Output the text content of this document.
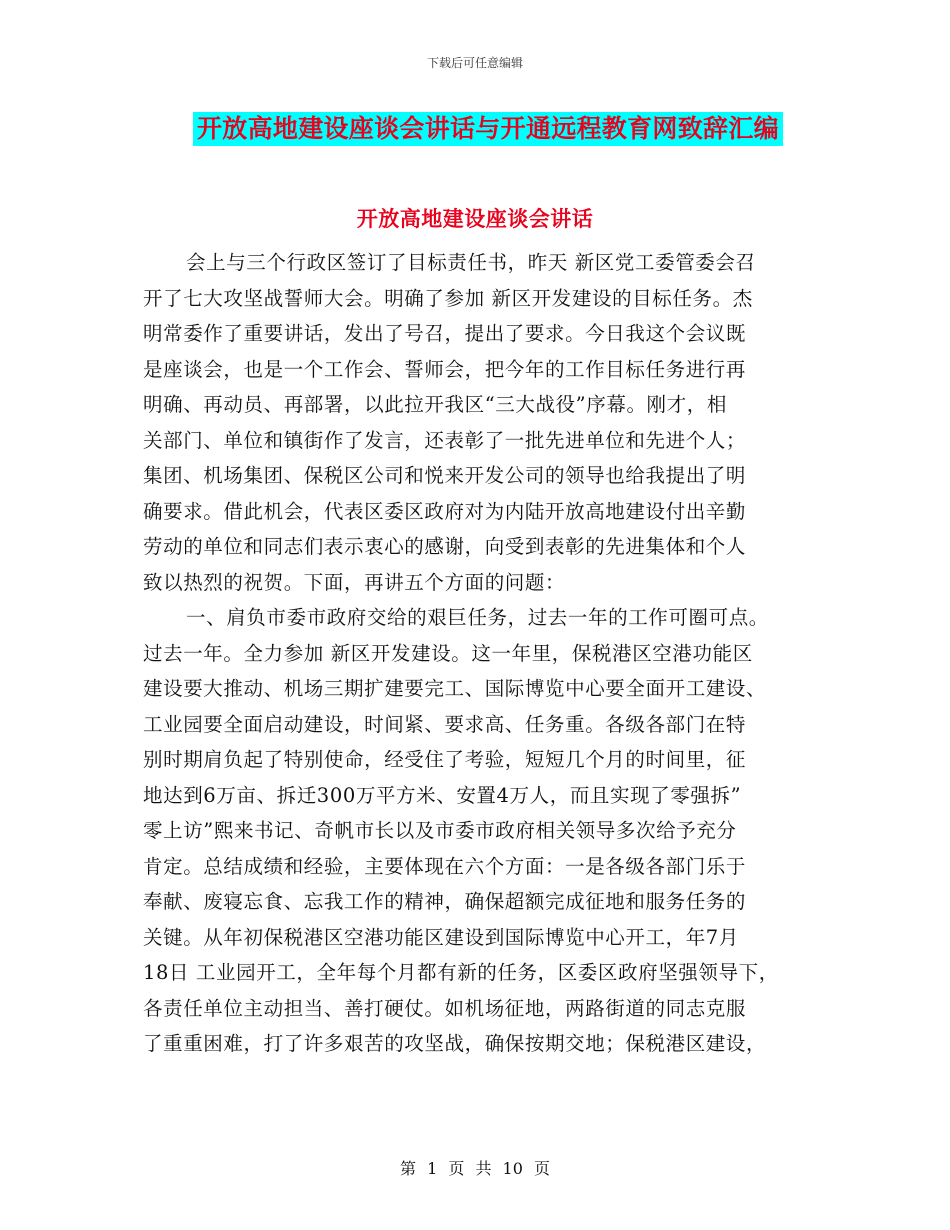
下载后可任意编辑
开放高地建设座谈会讲话与开通远程教育网致辞汇编
开放高地建设座谈会讲话
会上与三个行政区签订了目标责任书，昨天 新区党工委管委会召
开了七大攻坚战誓师大会。明确了参加 新区开发建设的目标任务。杰
明常委作了重要讲话，发出了号召，提出了要求。今日我这个会议既
是座谈会，也是一个工作会、誓师会，把今年的工作目标任务进行再
明确、再动员、再部署，以此拉开我区“三大战役”序幕。刚才，相
关部门、单位和镇街作了发言，还表彰了一批先进单位和先进个人；
集团、机场集团、保税区公司和悦来开发公司的领导也给我提出了明
确要求。借此机会，代表区委区政府对为内陆开放高地建设付出辛勤
劳动的单位和同志们表示衷心的感谢，向受到表彰的先进集体和个人
致以热烈的祝贺。下面，再讲五个方面的问题：
一、肩负市委市政府交给的艰巨任务，过去一年的工作可圈可点。
过去一年。全力参加 新区开发建设。这一年里，保税港区空港功能区
建设要大推动、机场三期扩建要完工、国际博览中心要全面开工建设、
工业园要全面启动建设，时间紧、要求高、任务重。各级各部门在特
别时期肩负起了特别使命，经受住了考验，短短几个月的时间里，征
地达到6万亩、拆迁300万平方米、安置4万人，而且实现了零强拆”
零上访”熙来书记、奇帆市长以及市委市政府相关领导多次给予充分
肯定。总结成绩和经验，主要体现在六个方面：一是各级各部门乐于
奉献、废寝忘食、忘我工作的精神，确保超额完成征地和服务任务的
关键。从年初保税港区空港功能区建设到国际博览中心开工，年7月
18日 工业园开工，全年每个月都有新的任务，区委区政府坚强领导下，
各责任单位主动担当、善打硬仗。如机场征地，两路街道的同志克服
了重重困难，打了许多艰苦的攻坚战，确保按期交地；保税港区建设，
第 1 页 共 10 页
